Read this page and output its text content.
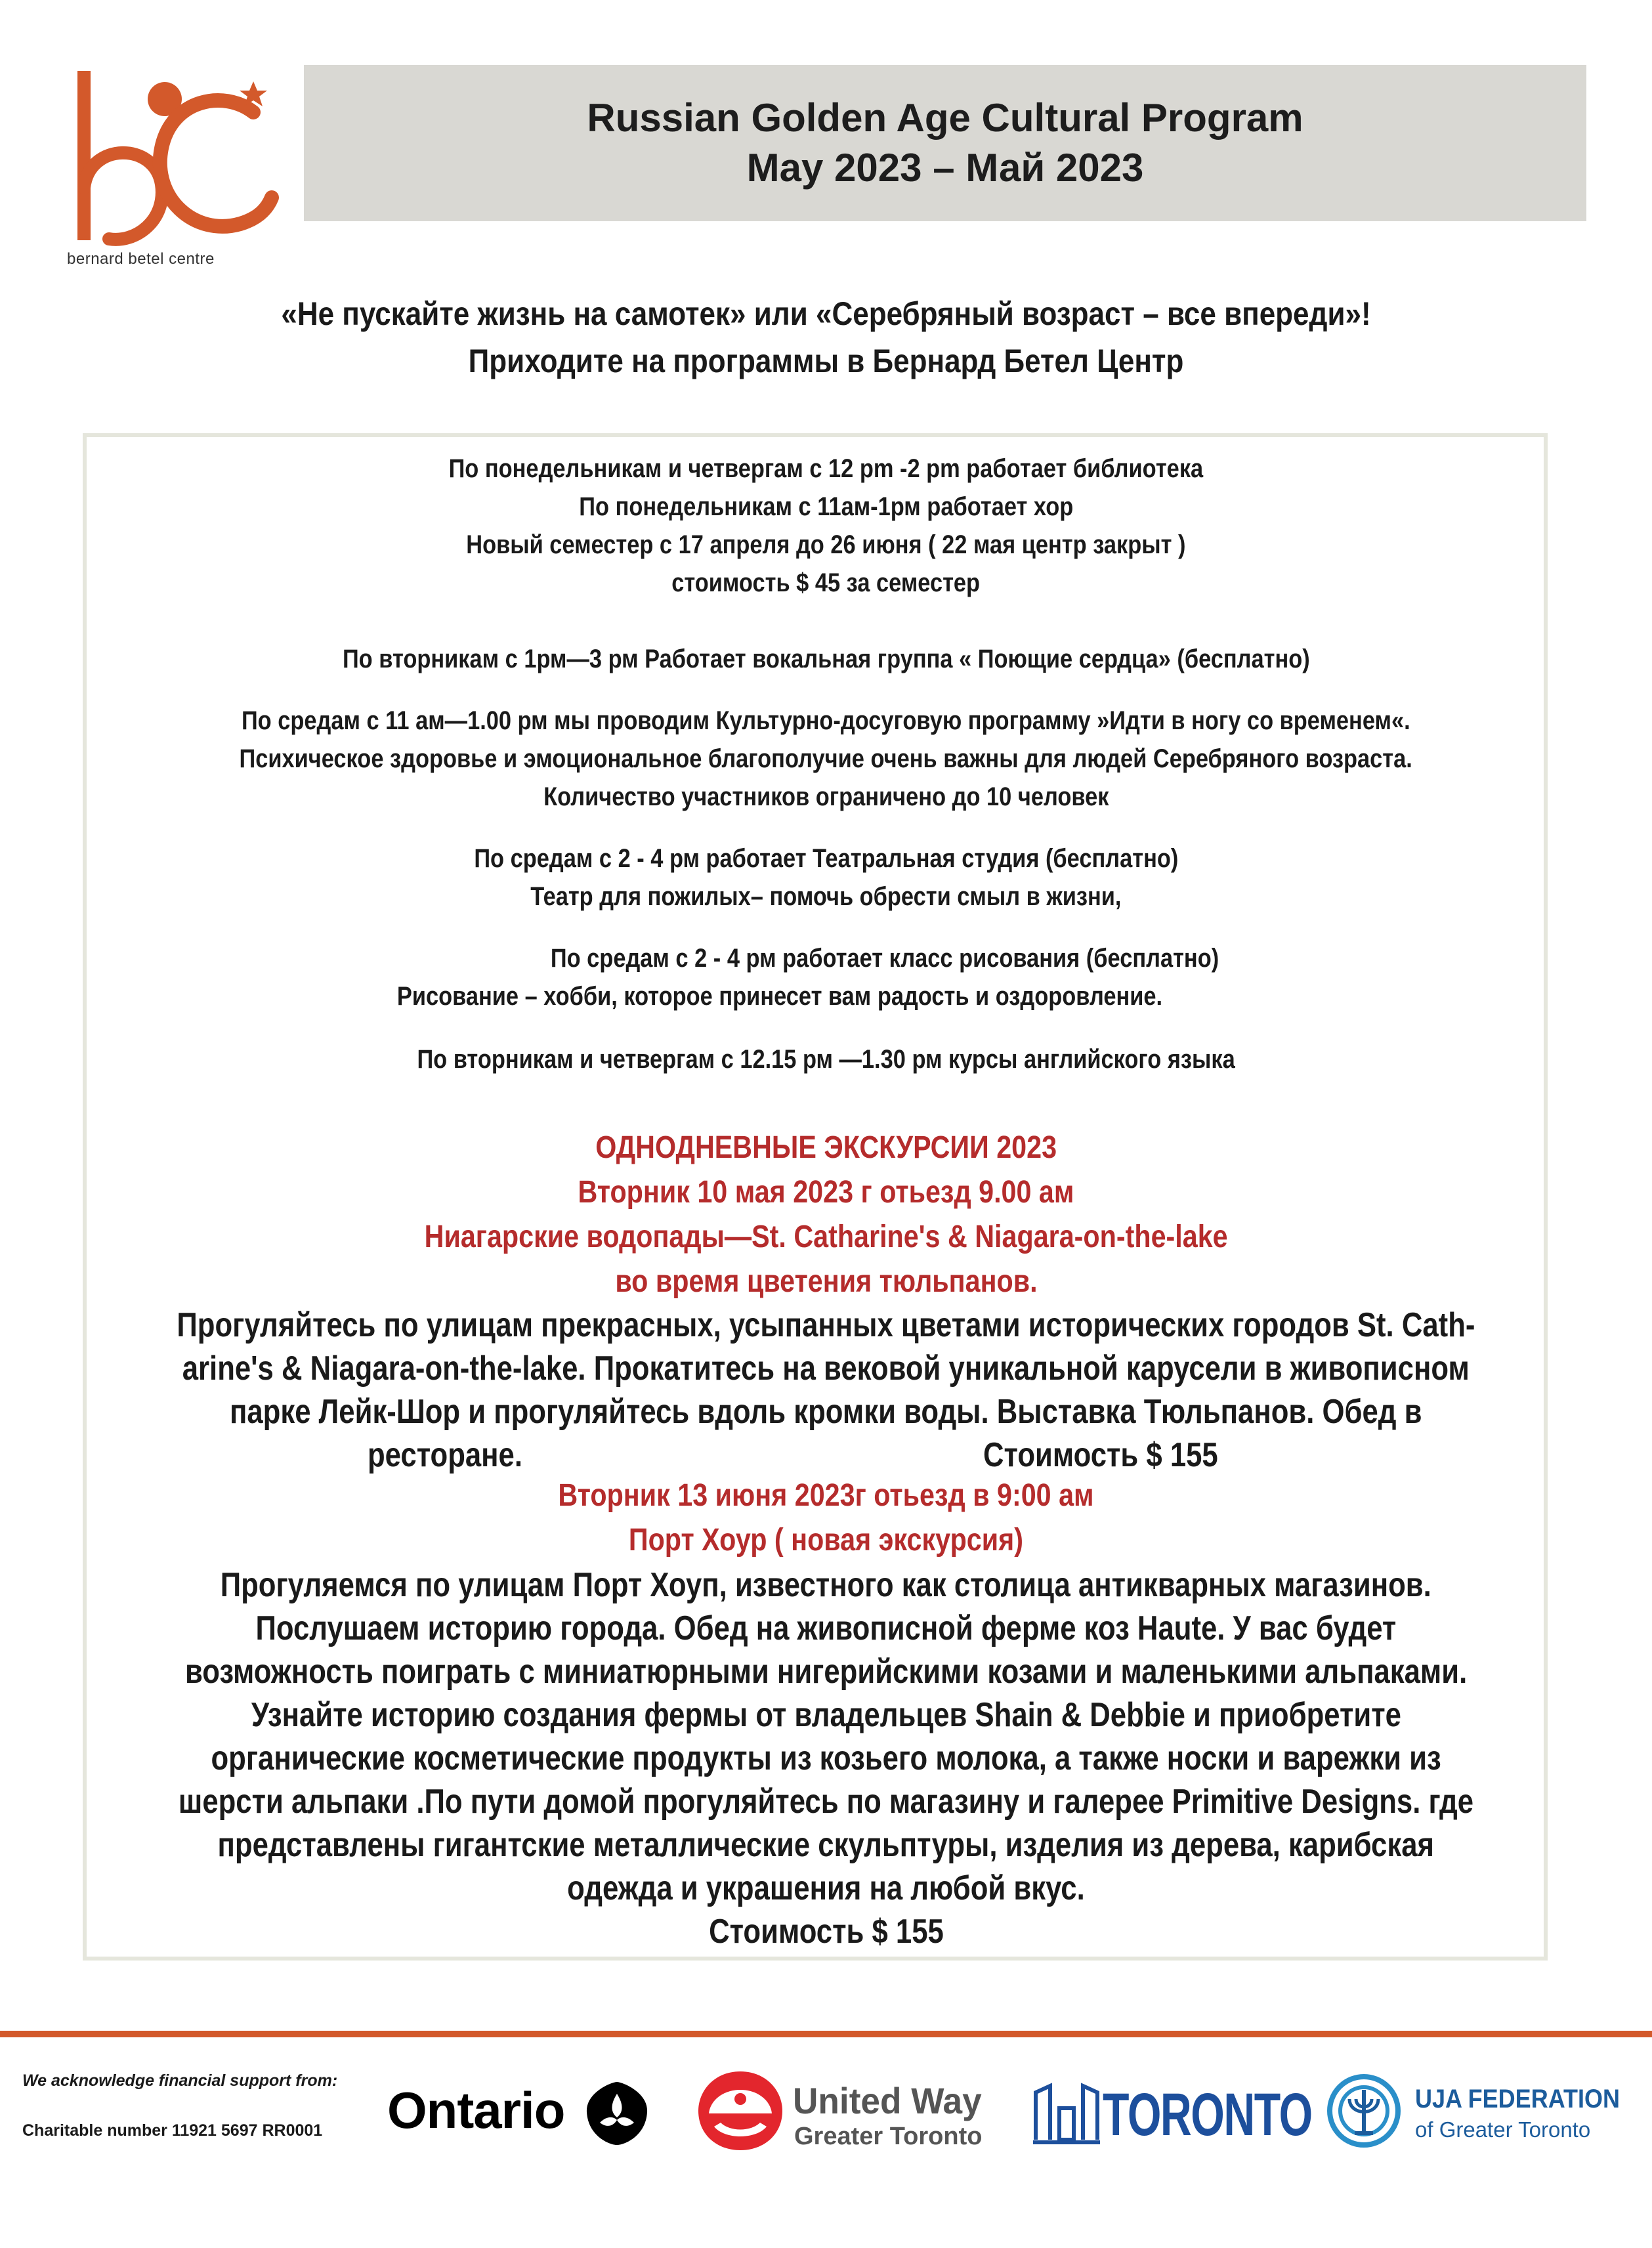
bernard betel centre
Russian Golden Age Cultural Program
May 2023 – Май 2023
«Не пускайте жизнь на самотек» или «Серебряный возраст – все впереди»!
Приходите на программы в Бернард Бетел Центр
По понедельникам и четвергам с 12 pm -2 pm работает библиотека
По понедельникам с 11ам-1рм работает хор
Новый семестер с 17 апреля до 26 июня ( 22 мая центр закрыт )
стоимость $ 45 за семестер
По вторникам с 1рм—3 рм Работает вокальная группа « Поющие сердца» (бесплатно)
По средам с 11 ам—1.00 рм мы проводим Культурно-досуговую программу »Идти в ногу со временем«.
Психическое здоровье и эмоциональное благополучие очень важны для людей Серебряного возраста.
Количество участников ограничено до 10 человек
По средам с 2 - 4 рм работает Театральная студия (бесплатно)
Театр для пожилых– помочь обрести смыл в жизни,
По средам с 2 - 4 рм работает класс рисования (бесплатно)
Рисование – хобби, которое принесет вам радость и оздоровление.
По вторникам и четвергам с 12.15 рм —1.30 рм курсы английского языка
ОДНОДНЕВНЫЕ ЭКСКУРСИИ 2023
Вторник 10 мая 2023 г отьезд 9.00 ам
Ниагарские водопады—St. Catharine's & Niagara-on-the-lake
во время цветения тюльпанов.
Прогуляйтесь по улицам прекрасных, усыпанных цветами исторических городов St. Cath-
arine's & Niagara-on-the-lake. Прокатитесь на вековой уникальной карусели в живописном
парке Лейк-Шор и прогуляйтесь вдоль кромки воды. Выставка Тюльпанов. Обед в
ресторане.	Стоимость $ 155
Вторник 13 июня 2023г отьезд в 9:00 ам
Порт Хоур ( новая экскурсия)
Прогуляемся по улицам Порт Хоуп, известного как столица антикварных магазинов.
Послушаем историю города. Обед на живописной ферме коз Haute. У вас будет
возможность поиграть с миниатюрными нигерийскими козами и маленькими альпаками.
Узнайте историю создания фермы от владельцев Shain & Debbie и приобретите
органические косметические продукты из козьего молока, а также носки и варежки из
шерсти альпаки .По пути домой прогуляйтесь по магазину и галерее Primitive Designs. где
представлены гигантские металлические скульптуры, изделия из дерева, карибская
одежда и украшения на любой вкус.
Стоимость $ 155
We acknowledge financial support from:
Charitable number 11921 5697 RR0001 Ontario	United Way
Greater Toronto TORONTO	UJA FEDERATION
of Greater Toronto
